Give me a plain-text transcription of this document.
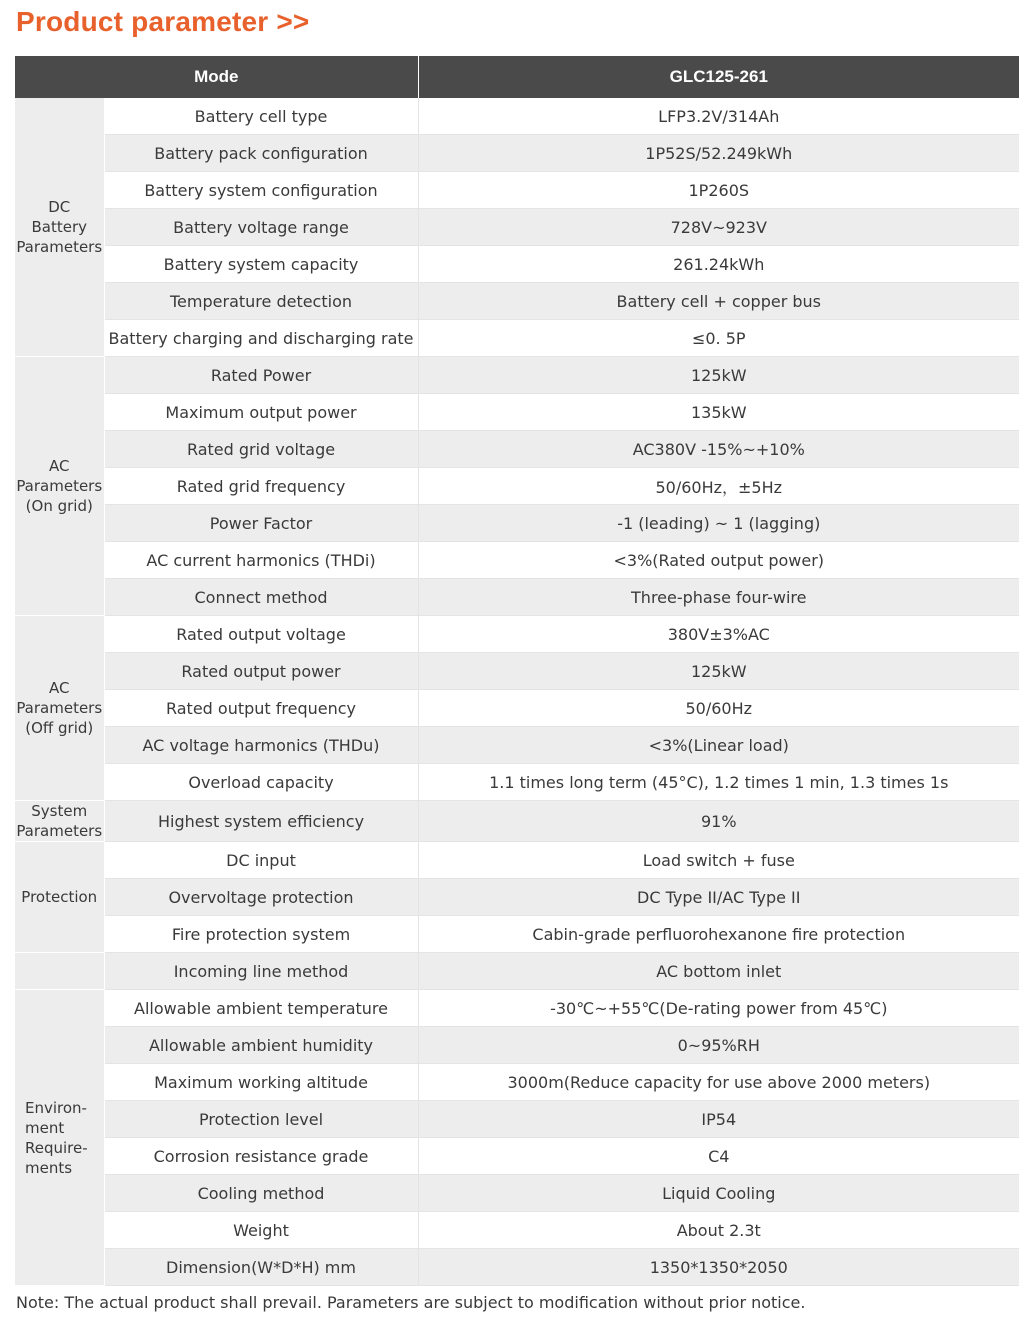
Product parameter >>
Mode		GLC125-261
DC
Battery
Parameters	Battery cell type	LFP3.2V/314Ah
	Battery pack configuration	1P52S/52.249kWh
	Battery system configuration	1P260S
	Battery voltage range	728V~923V
	Battery system capacity	261.24kWh
	Temperature detection	Battery cell + copper bus
	Battery charging and discharging rate	≤0. 5P
AC
Parameters
(On grid)	Rated Power	125kW
	Maximum output power	135kW
	Rated grid voltage	AC380V -15%~+10%
	Rated grid frequency	50/60Hz，±5Hz
	Power Factor	-1 (leading) ~ 1 (lagging)
	AC current harmonics (THDi)	<3%(Rated output power)
	Connect method	Three-phase four-wire
AC
Parameters
(Off grid)	Rated output voltage	380V±3%AC
	Rated output power	125kW
	Rated output frequency	50/60Hz
	AC voltage harmonics (THDu)	<3%(Linear load)
	Overload capacity	1.1 times long term (45°C), 1.2 times 1 min, 1.3 times 1s
System
Parameters	Highest system efficiency	91%
Protection	DC input	Load switch + fuse
	Overvoltage protection	DC Type II/AC Type II
	Fire protection system	Cabin-grade perfluorohexanone fire protection
	Incoming line method	AC bottom inlet
Environ-
ment
Require-
ments	Allowable ambient temperature	-30℃~+55℃(De-rating power from 45℃)
	Allowable ambient humidity	0~95%RH
	Maximum working altitude	3000m(Reduce capacity for use above 2000 meters)
	Protection level	IP54
	Corrosion resistance grade	C4
	Cooling method	Liquid Cooling
	Weight	About 2.3t
	Dimension(W*D*H) mm	1350*1350*2050

Note: The actual product shall prevail. Parameters are subject to modification without prior notice.
